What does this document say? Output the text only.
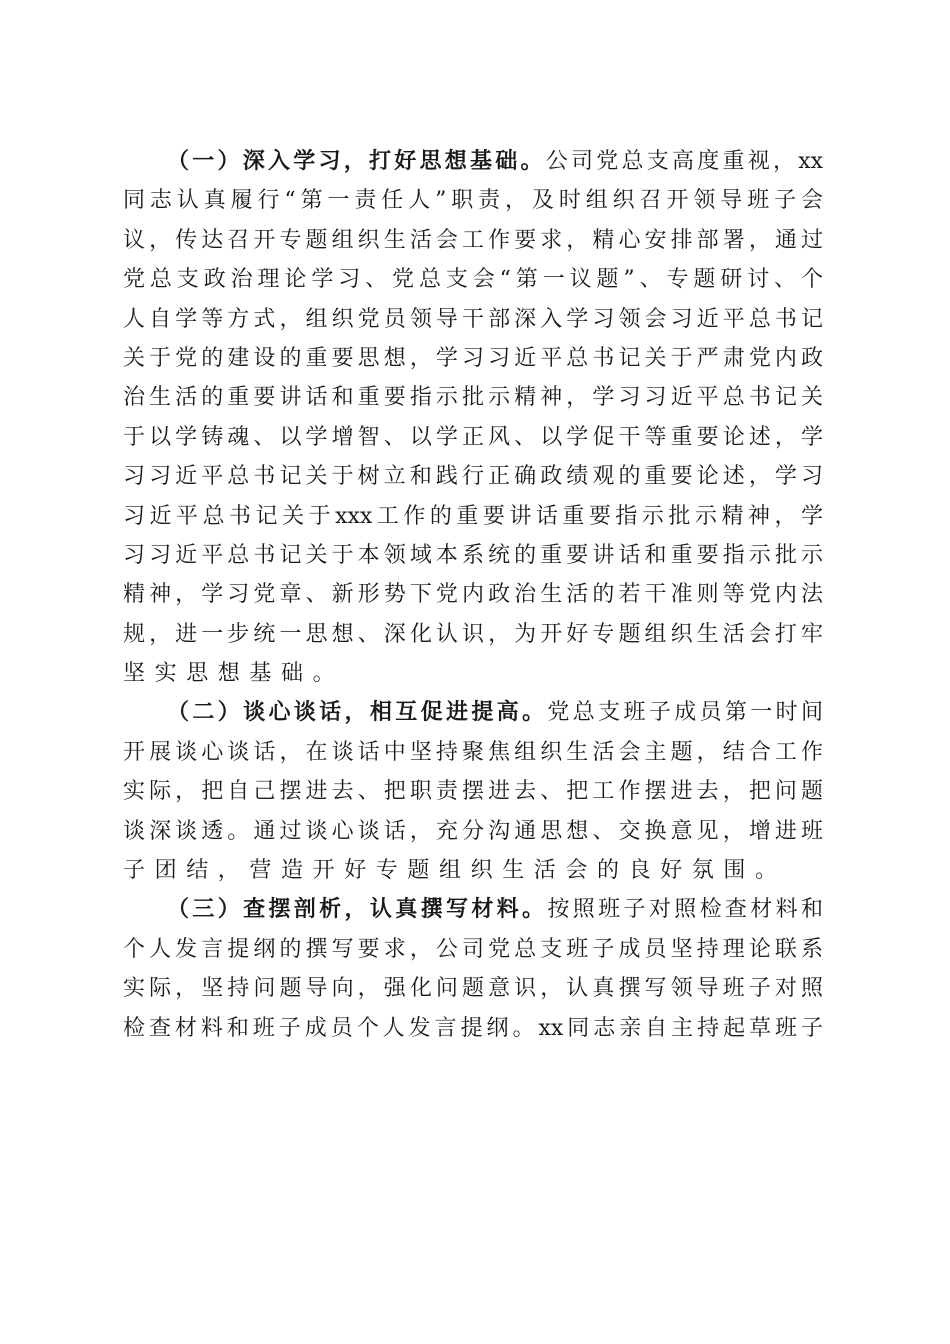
（一）深入学习，打好思想基础。公司党总支高度重视，xx
同志认真履行“第一责任人”职责，及时组织召开领导班子会
议，传达召开专题组织生活会工作要求，精心安排部署，通过
党总支政治理论学习、党总支会“第一议题”、专题研讨、个
人自学等方式，组织党员领导干部深入学习领会习近平总书记
关于党的建设的重要思想，学习习近平总书记关于严肃党内政
治生活的重要讲话和重要指示批示精神，学习习近平总书记关
于以学铸魂、以学增智、以学正风、以学促干等重要论述，学
习习近平总书记关于树立和践行正确政绩观的重要论述，学习
习近平总书记关于xxx工作的重要讲话重要指示批示精神，学
习习近平总书记关于本领域本系统的重要讲话和重要指示批示
精神，学习党章、新形势下党内政治生活的若干准则等党内法
规，进一步统一思想、深化认识，为开好专题组织生活会打牢
坚实思想基础。
（二）谈心谈话，相互促进提高。党总支班子成员第一时间
开展谈心谈话，在谈话中坚持聚焦组织生活会主题，结合工作
实际，把自己摆进去、把职责摆进去、把工作摆进去，把问题
谈深谈透。通过谈心谈话，充分沟通思想、交换意见，增进班
子团结，营造开好专题组织生活会的良好氛围。
（三）查摆剖析，认真撰写材料。按照班子对照检查材料和
个人发言提纲的撰写要求，公司党总支班子成员坚持理论联系
实际，坚持问题导向，强化问题意识，认真撰写领导班子对照
检查材料和班子成员个人发言提纲。xx同志亲自主持起草班子
